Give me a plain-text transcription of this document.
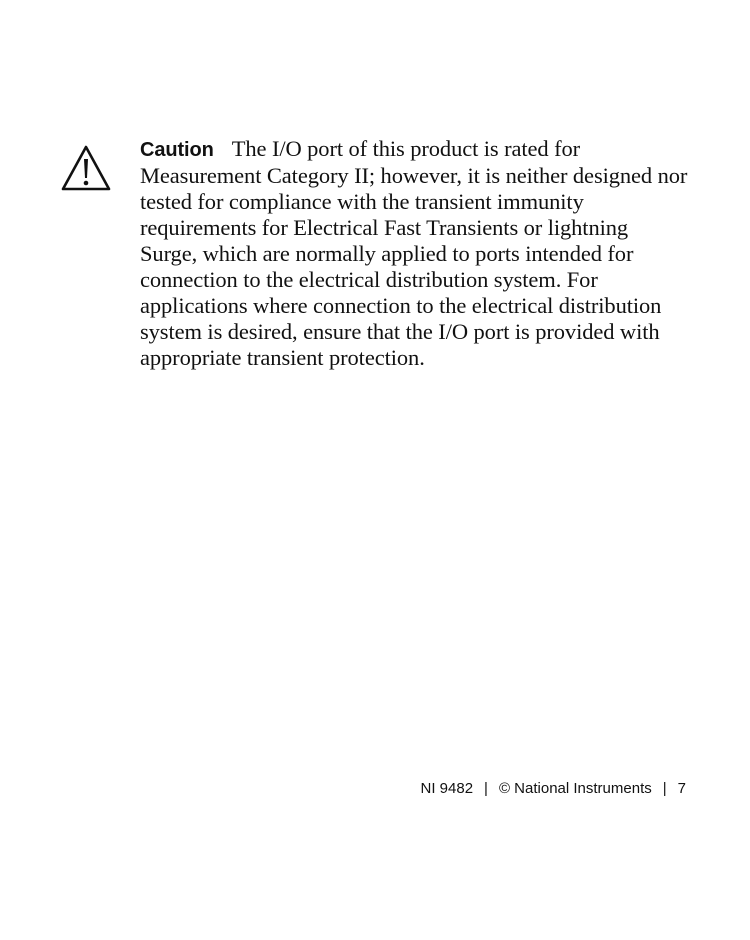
Caution The I/O port of this product is rated for Measurement Category II; however, it is neither designed nor tested for compliance with the transient immunity requirements for Electrical Fast Transients or lightning Surge, which are normally applied to ports intended for connection to the electrical distribution system. For applications where connection to the electrical distribution system is desired, ensure that the I/O port is provided with appropriate transient protection.
NI 9482 | © National Instruments | 7
